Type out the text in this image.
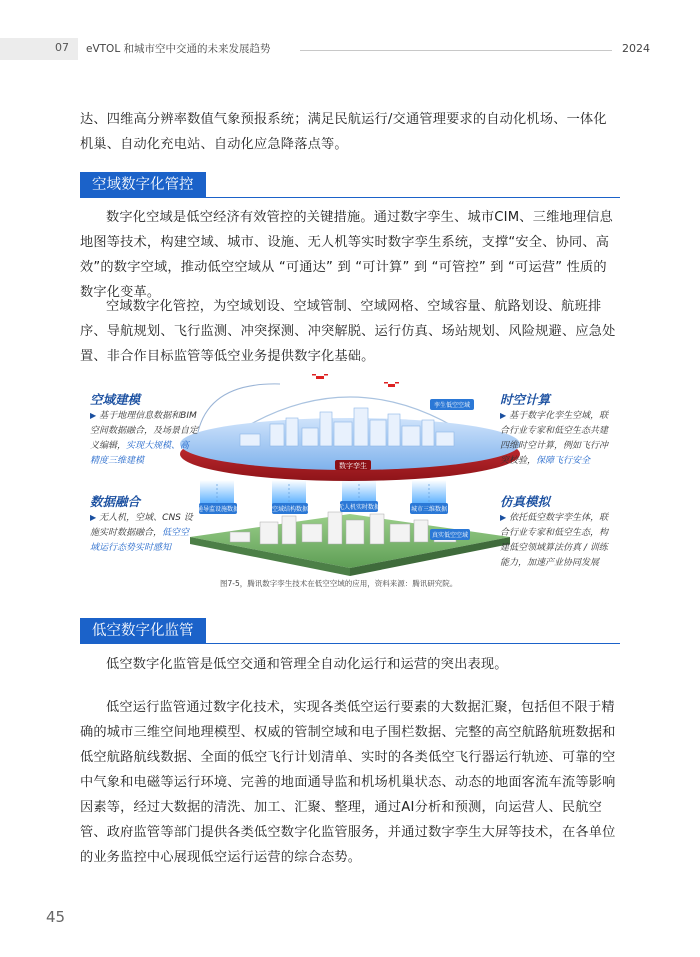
07 eVTOL 和城市空中交通的未来发展趋势	2024

达、四维高分辨率数值气象预报系统；满足民航运行/交通管理要求的自动化机场、一体化机巢、自动化充电站、自动化应急降落点等。

空域数字化管控

数字化空域是低空经济有效管控的关键措施。通过数字孪生、城市CIM、三维地理信息地图等技术，构建空域、城市、设施、无人机等实时数字孪生系统，支撑“安全、协同、高效”的数字空域，推动低空空域从 “可通达” 到 “可计算” 到 “可管控” 到 “可运营” 性质的数字化变革。

空域数字化管控，为空域划设、空域管制、空域网格、空域容量、航路划设、航班排序、导航规划、飞行监测、冲突探测、冲突解脱、运行仿真、场站规划、风险规避、应急处置、非合作目标监管等低空业务提供数字化基础。

数字孪生
孪生低空空域
通导监设施数据	空域结构数据	无人机实时数据	城市三维数据
真实低空空域
空域建模
▶ 基于地理信息数据和BIM空间数据融合，及场景自定义编辑，实现大规模、高精度三维建模
时空计算
▶ 基于数字化孪生空域，联合行业专家和低空生态共建四维时空计算，例如飞行冲突校验，保障飞行安全
数据融合
▶ 无人机，空域、CNS 设施实时数据融合，低空空域运行态势实时感知
仿真模拟
▶ 依托低空数字孪生体，联合行业专家和低空生态，构建低空领域算法仿真 / 训练能力，加速产业协同发展
图7-5，腾讯数字孪生技术在低空空域的应用，资料来源：腾讯研究院。
低空数字化监管

低空数字化监管是低空交通和管理全自动化运行和运营的突出表现。

低空运行监管通过数字化技术，实现各类低空运行要素的大数据汇聚，包括但不限于精确的城市三维空间地理模型、权威的管制空域和电子围栏数据、完整的高空航路航班数据和低空航路航线数据、全面的低空飞行计划清单、实时的各类低空飞行器运行轨迹、可靠的空中气象和电磁等运行环境、完善的地面通导监和机场机巢状态、动态的地面客流车流等影响因素等，经过大数据的清洗、加工、汇聚、整理，通过AI分析和预测，向运营人、民航空管、政府监管等部门提供各类低空数字化监管服务，并通过数字孪生大屏等技术，在各单位的业务监控中心展现低空运行运营的综合态势。

45
